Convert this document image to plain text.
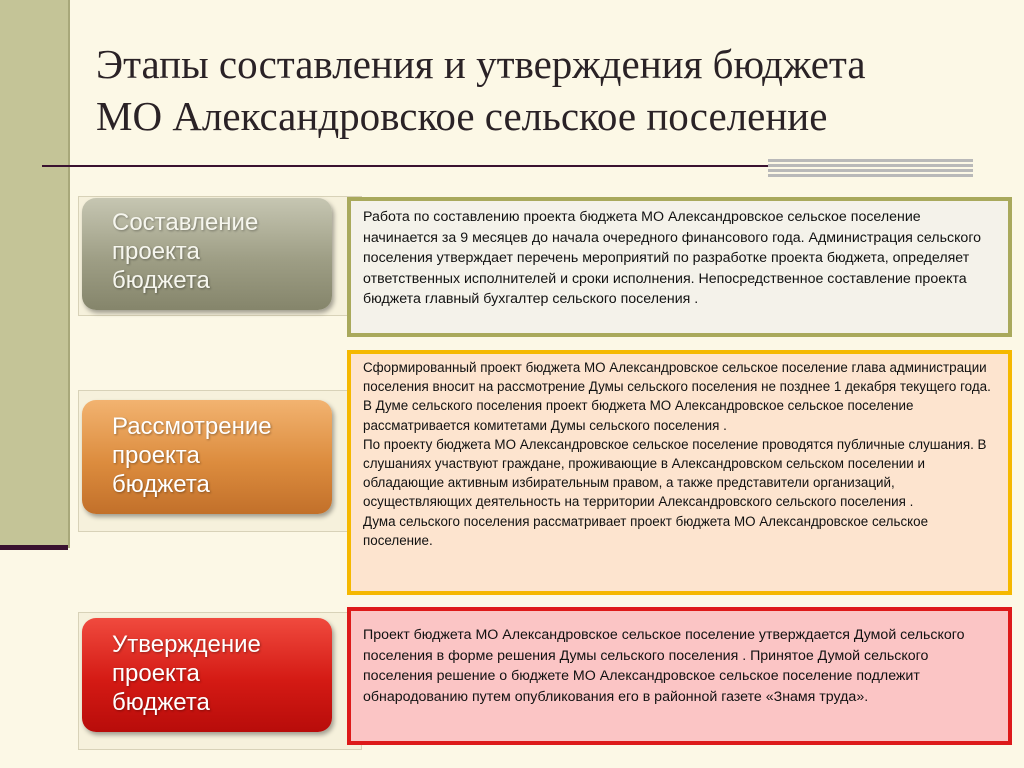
Этапы составления и утверждения бюджета
МО Александровское сельское поселение
Составление
проекта
бюджета

Работа по составлению проекта бюджета МО Александровское сельское поселение начинается за 9 месяцев до начала очередного финансового года. Администрация сельского поселения утверждает перечень мероприятий по разработке проекта бюджета, определяет ответственных исполнителей и сроки исполнения. Непосредственное составление проекта бюджета главный бухгалтер сельского поселения .

Рассмотрение
проекта
бюджета

Сформированный проект бюджета МО Александровское сельское поселение глава администрации поселения вносит на рассмотрение Думы сельского поселения не позднее 1 декабря текущего года.

В Думе сельского поселения проект бюджета МО Александровское сельское поселение рассматривается комитетами Думы сельского поселения .

По проекту бюджета МО Александровское сельское поселение проводятся публичные слушания. В слушаниях участвуют граждане, проживающие в Александровском сельском поселении и обладающие активным избирательным правом, а также представители организаций, осуществляющих деятельность на территории Александровского сельского поселения .

Дума сельского поселения рассматривает проект бюджета МО Александровское сельское поселение.

Утверждение
проекта
бюджета

Проект бюджета МО Александровское сельское поселение утверждается Думой сельского поселения в форме решения Думы сельского поселения . Принятое Думой сельского поселения решение о бюджете МО Александровское сельское поселение подлежит обнародованию путем опубликования его в районной газете «Знамя труда».
